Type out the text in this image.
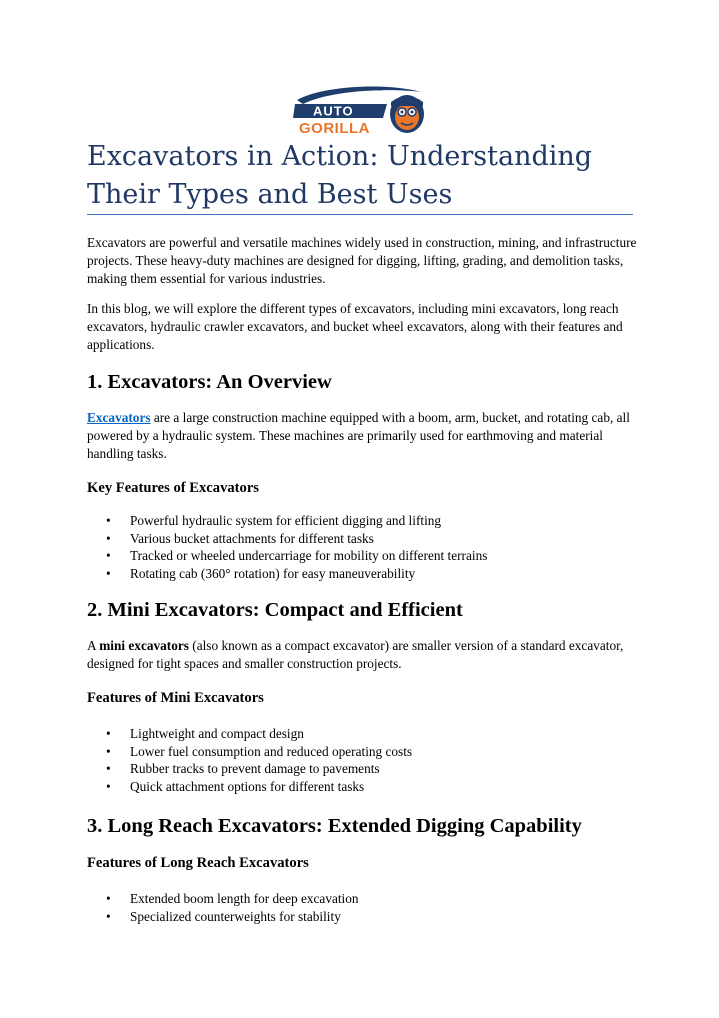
AUTO
GORILLA
Excavators in Action: Understanding
Their Types and Best Uses

Excavators are powerful and versatile machines widely used in construction, mining, and infrastructure projects. These heavy-duty machines are designed for digging, lifting, grading, and demolition tasks, making them essential for various industries.

In this blog, we will explore the different types of excavators, including mini excavators, long reach excavators, hydraulic crawler excavators, and bucket wheel excavators, along with their features and applications.

1. Excavators: An Overview

Excavators are a large construction machine equipped with a boom, arm, bucket, and rotating cab, all powered by a hydraulic system. These machines are primarily used for earthmoving and material handling tasks.

Key Features of Excavators
• Powerful hydraulic system for efficient digging and lifting
• Various bucket attachments for different tasks
• Tracked or wheeled undercarriage for mobility on different terrains
• Rotating cab (360° rotation) for easy maneuverability
2. Mini Excavators: Compact and Efficient

A mini excavators (also known as a compact excavator) are smaller version of a standard excavator, designed for tight spaces and smaller construction projects.

Features of Mini Excavators
• Lightweight and compact design
• Lower fuel consumption and reduced operating costs
• Rubber tracks to prevent damage to pavements
• Quick attachment options for different tasks
3. Long Reach Excavators: Extended Digging Capability
Features of Long Reach Excavators
• Extended boom length for deep excavation
• Specialized counterweights for stability
